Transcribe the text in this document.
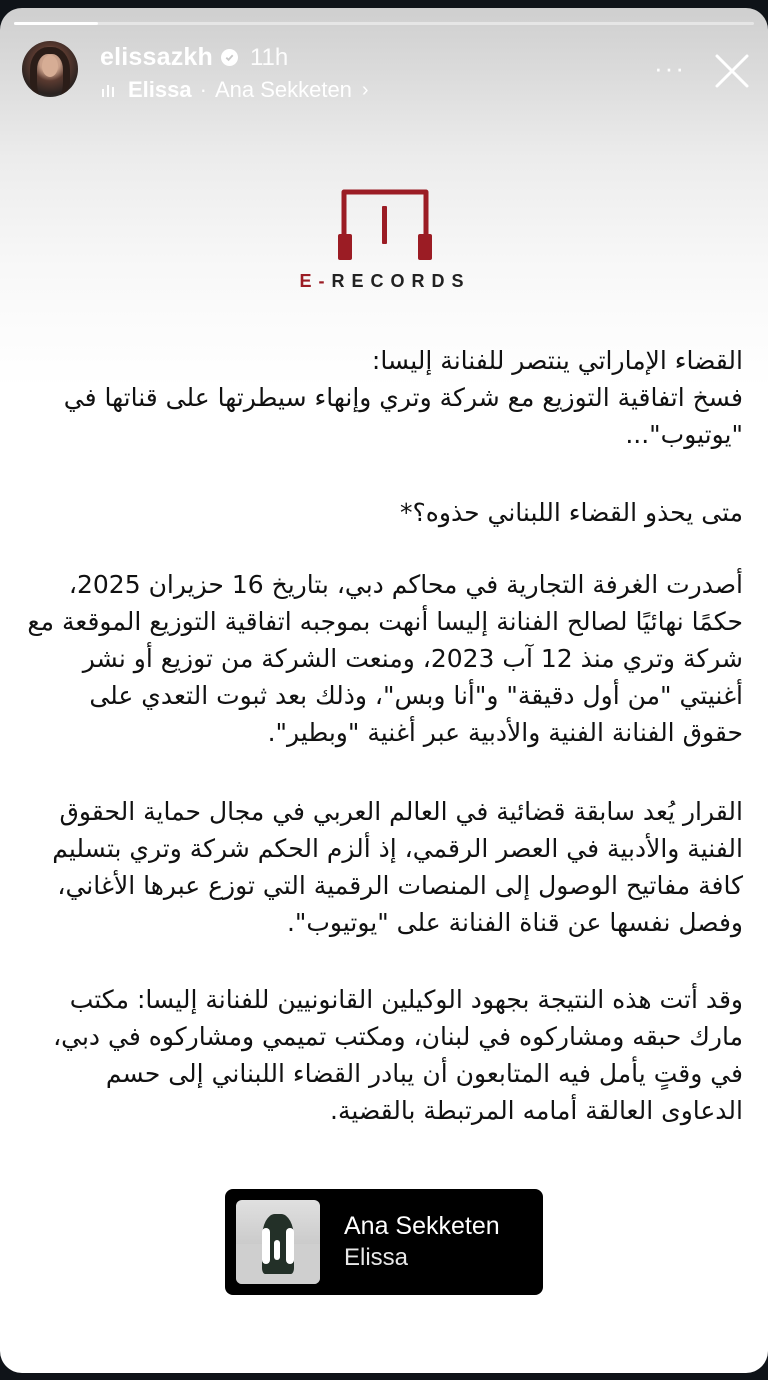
elissazkh 11h
Elissa · Ana Sekketen ›
···
E-RECORDS

القضاء الإماراتي ينتصر للفنانة إليسا:

فسخ اتفاقية التوزيع مع شركة وتري وإنهاء سيطرتها على قناتها في "يوتيوب"...

متى يحذو القضاء اللبناني حذوه؟*

أصدرت الغرفة التجارية في محاكم دبي، بتاريخ 16 حزيران 2025، حكمًا نهائيًا لصالح الفنانة إليسا أنهت بموجبه اتفاقية التوزيع الموقعة مع شركة وتري منذ 12 آب 2023، ومنعت الشركة من توزيع أو نشر أغنيتي "من أول دقيقة" و"أنا وبس"، وذلك بعد ثبوت التعدي على حقوق الفنانة الفنية والأدبية عبر أغنية "وبطير".

القرار يُعد سابقة قضائية في العالم العربي في مجال حماية الحقوق الفنية والأدبية في العصر الرقمي، إذ ألزم الحكم شركة وتري بتسليم كافة مفاتيح الوصول إلى المنصات الرقمية التي توزع عبرها الأغاني، وفصل نفسها عن قناة الفنانة على "يوتيوب".

وقد أتت هذه النتيجة بجهود الوكيلين القانونيين للفنانة إليسا: مكتب مارك حبقه ومشاركوه في لبنان، ومكتب تميمي ومشاركوه في دبي، في وقتٍ يأمل فيه المتابعون أن يبادر القضاء اللبناني إلى حسم الدعاوى العالقة أمامه المرتبطة بالقضية.

Ana Sekketen
Elissa
